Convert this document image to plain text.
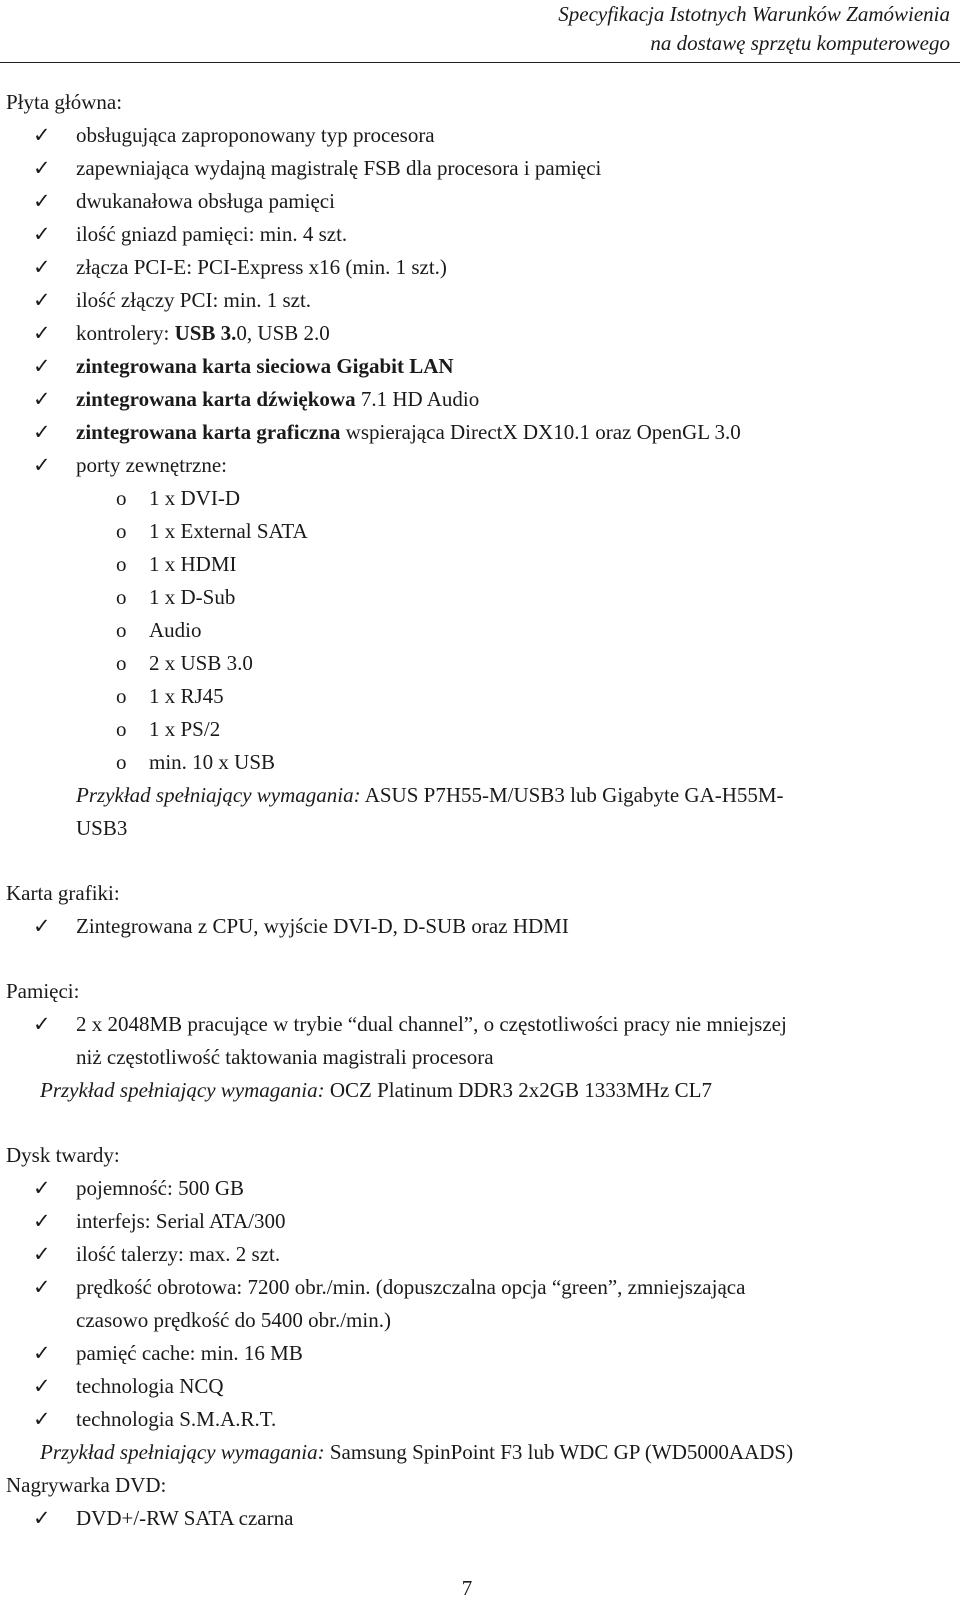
Specyfikacja Istotnych Warunków Zamówienia
na dostawę sprzętu komputerowego
Płyta główna:
✓	obsługująca zaproponowany typ procesora
✓	zapewniająca wydajną magistralę FSB dla procesora i pamięci
✓	dwukanałowa obsługa pamięci
✓	ilość gniazd pamięci: min. 4 szt.
✓	złącza PCI-E: PCI-Express x16 (min. 1 szt.)
✓	ilość złączy PCI: min. 1 szt.
✓	kontrolery: USB 3.0, USB 2.0
✓	zintegrowana karta sieciowa Gigabit LAN
✓	zintegrowana karta dźwiękowa 7.1 HD Audio
✓	zintegrowana karta graficzna wspierająca DirectX DX10.1 oraz OpenGL 3.0
✓	porty zewnętrzne:
o 1 x DVI-D
o 1 x External SATA
o 1 x HDMI
o 1 x D-Sub
o Audio
o 2 x USB 3.0
o 1 x RJ45
o 1 x PS/2
o min. 10 x USB
Przykład spełniający wymagania: ASUS P7H55-M/USB3 lub Gigabyte GA-H55M-
USB3
Karta grafiki:
✓	Zintegrowana z CPU, wyjście DVI-D, D-SUB oraz HDMI
Pamięci:
✓	2 x 2048MB pracujące w trybie “dual channel”, o częstotliwości pracy nie mniejszej
niż częstotliwość taktowania magistrali procesora
Przykład spełniający wymagania: OCZ Platinum DDR3 2x2GB 1333MHz CL7
Dysk twardy:
✓	pojemność: 500 GB
✓	interfejs: Serial ATA/300
✓	ilość talerzy: max. 2 szt.
✓	prędkość obrotowa: 7200 obr./min. (dopuszczalna opcja “green”, zmniejszająca
czasowo prędkość do 5400 obr./min.)
✓	pamięć cache: min. 16 MB
✓	technologia NCQ
✓	technologia S.M.A.R.T.
Przykład spełniający wymagania: Samsung SpinPoint F3 lub WDC GP (WD5000AADS)
Nagrywarka DVD:
✓	DVD+/-RW SATA czarna
7
